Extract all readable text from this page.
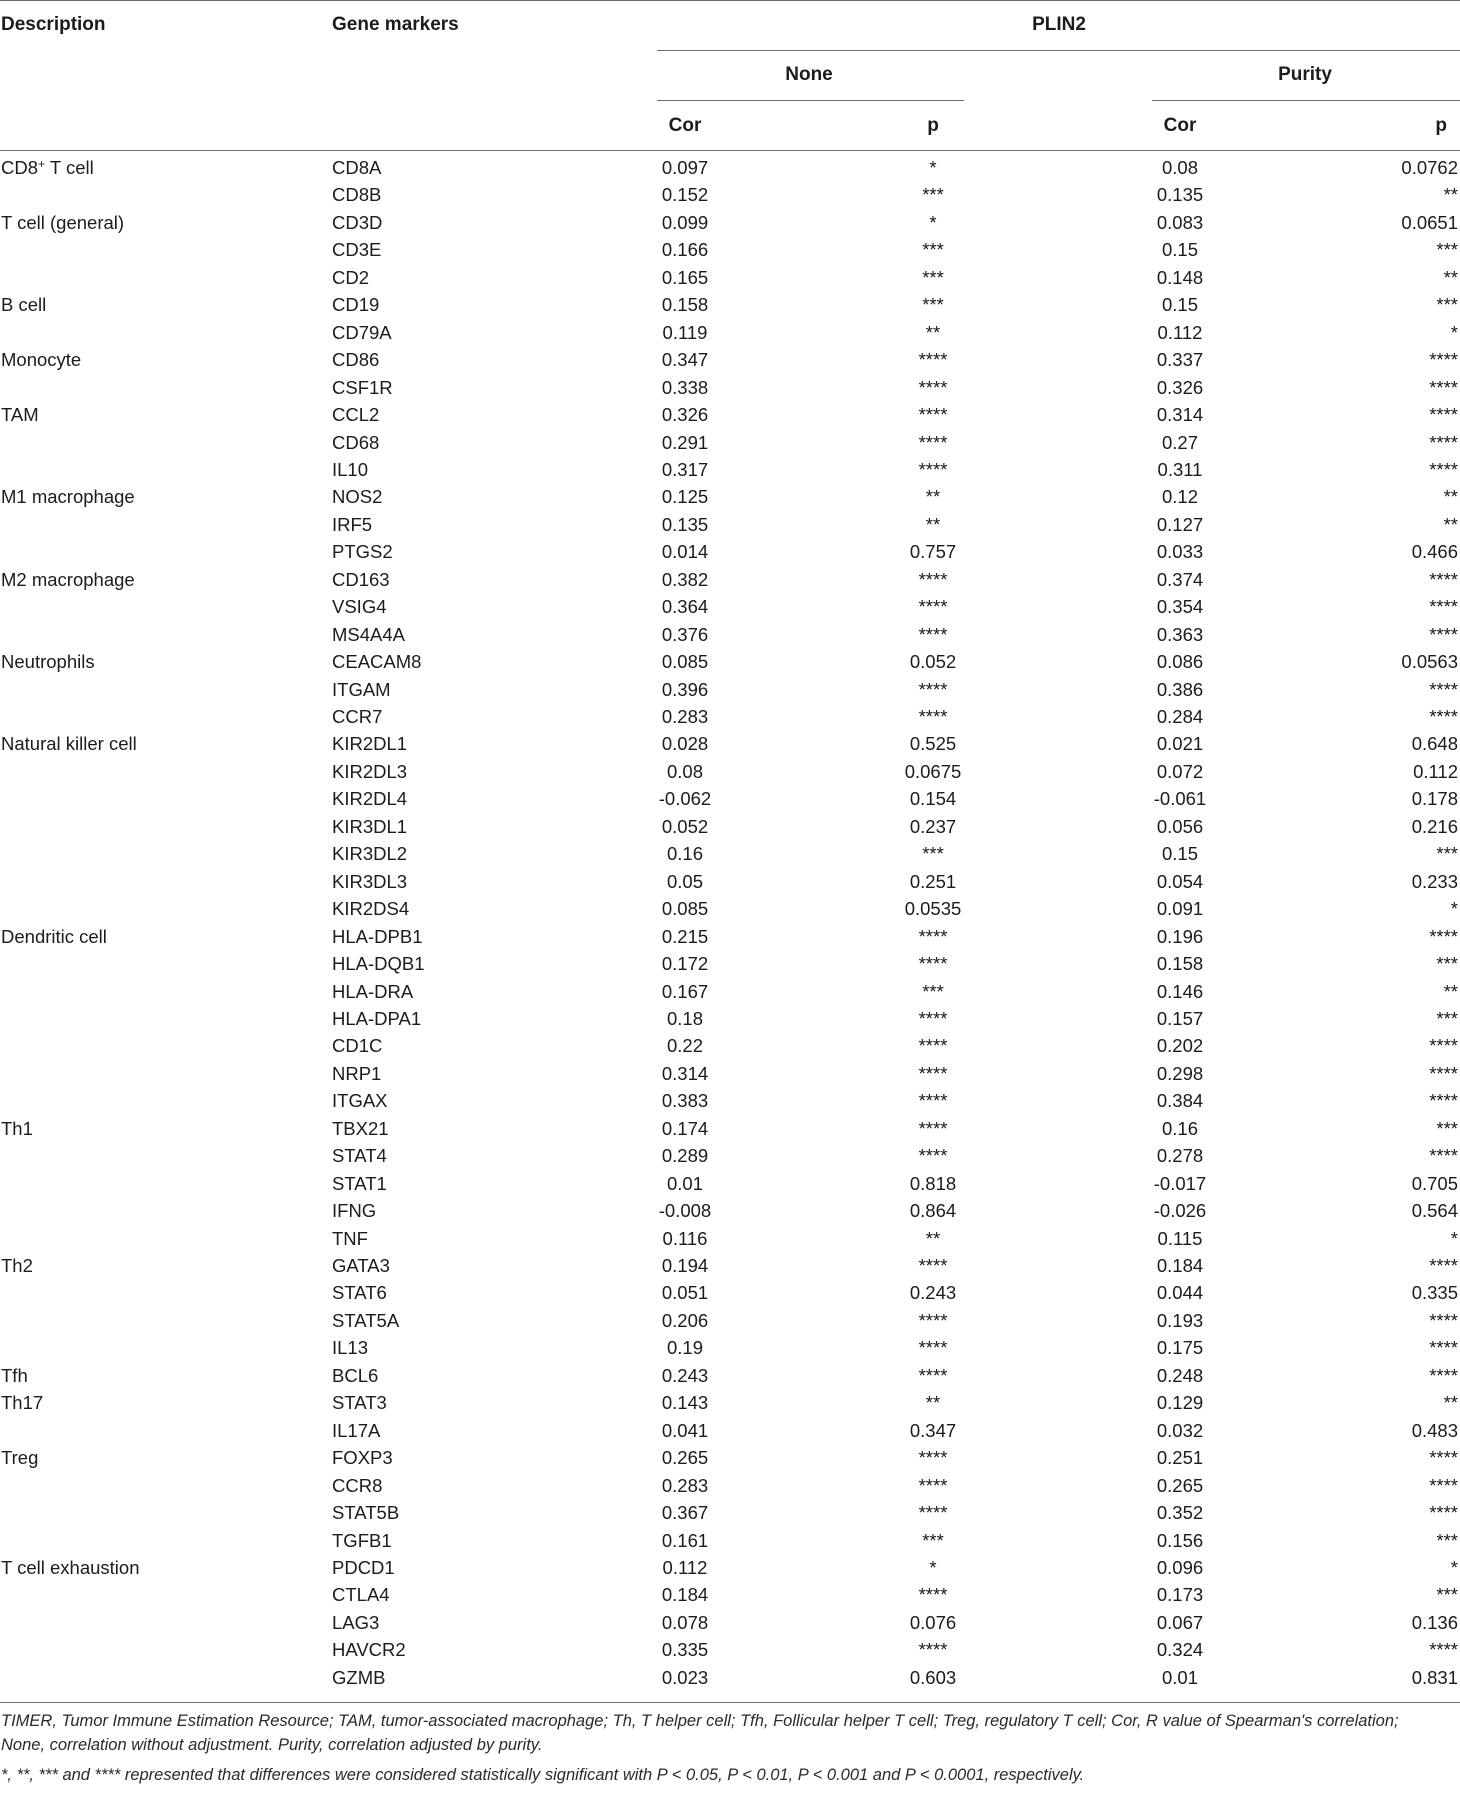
Description	Gene markers	PLIN2
None	Purity
Cor	p	Cor	p
CD8+ T cell	CD8A	0.097	*	0.08	0.0762
CD8B	0.152	***	0.135	**
T cell (general)	CD3D	0.099	*	0.083	0.0651
CD3E	0.166	***	0.15	***
CD2	0.165	***	0.148	**
B cell	CD19	0.158	***	0.15	***
CD79A	0.119	**	0.112	*
Monocyte	CD86	0.347	****	0.337	****
CSF1R	0.338	****	0.326	****
TAM	CCL2	0.326	****	0.314	****
CD68	0.291	****	0.27	****
IL10	0.317	****	0.311	****
M1 macrophage	NOS2	0.125	**	0.12	**
IRF5	0.135	**	0.127	**
PTGS2	0.014	0.757	0.033	0.466
M2 macrophage	CD163	0.382	****	0.374	****
VSIG4	0.364	****	0.354	****
MS4A4A	0.376	****	0.363	****
Neutrophils	CEACAM8	0.085	0.052	0.086	0.0563
ITGAM	0.396	****	0.386	****
CCR7	0.283	****	0.284	****
Natural killer cell	KIR2DL1	0.028	0.525	0.021	0.648
KIR2DL3	0.08	0.0675	0.072	0.112
KIR2DL4	-0.062	0.154	-0.061	0.178
KIR3DL1	0.052	0.237	0.056	0.216
KIR3DL2	0.16	***	0.15	***
KIR3DL3	0.05	0.251	0.054	0.233
KIR2DS4	0.085	0.0535	0.091	*
Dendritic cell	HLA-DPB1	0.215	****	0.196	****
HLA-DQB1	0.172	****	0.158	***
HLA-DRA	0.167	***	0.146	**
HLA-DPA1	0.18	****	0.157	***
CD1C	0.22	****	0.202	****
NRP1	0.314	****	0.298	****
ITGAX	0.383	****	0.384	****
Th1	TBX21	0.174	****	0.16	***
STAT4	0.289	****	0.278	****
STAT1	0.01	0.818	-0.017	0.705
IFNG	-0.008	0.864	-0.026	0.564
TNF	0.116	**	0.115	*
Th2	GATA3	0.194	****	0.184	****
STAT6	0.051	0.243	0.044	0.335
STAT5A	0.206	****	0.193	****
IL13	0.19	****	0.175	****
Tfh	BCL6	0.243	****	0.248	****
Th17	STAT3	0.143	**	0.129	**
IL17A	0.041	0.347	0.032	0.483
Treg	FOXP3	0.265	****	0.251	****
CCR8	0.283	****	0.265	****
STAT5B	0.367	****	0.352	****
TGFB1	0.161	***	0.156	***
T cell exhaustion	PDCD1	0.112	*	0.096	*
CTLA4	0.184	****	0.173	***
LAG3	0.078	0.076	0.067	0.136
HAVCR2	0.335	****	0.324	****
GZMB	0.023	0.603	0.01	0.831
TIMER, Tumor Immune Estimation Resource; TAM, tumor-associated macrophage; Th, T helper cell; Tfh, Follicular helper T cell; Treg, regulatory T cell; Cor, R value of Spearman's correlation; None, correlation without adjustment. Purity, correlation adjusted by purity.
*, **, *** and **** represented that differences were considered statistically significant with P < 0.05, P < 0.01, P < 0.001 and P < 0.0001, respectively.
